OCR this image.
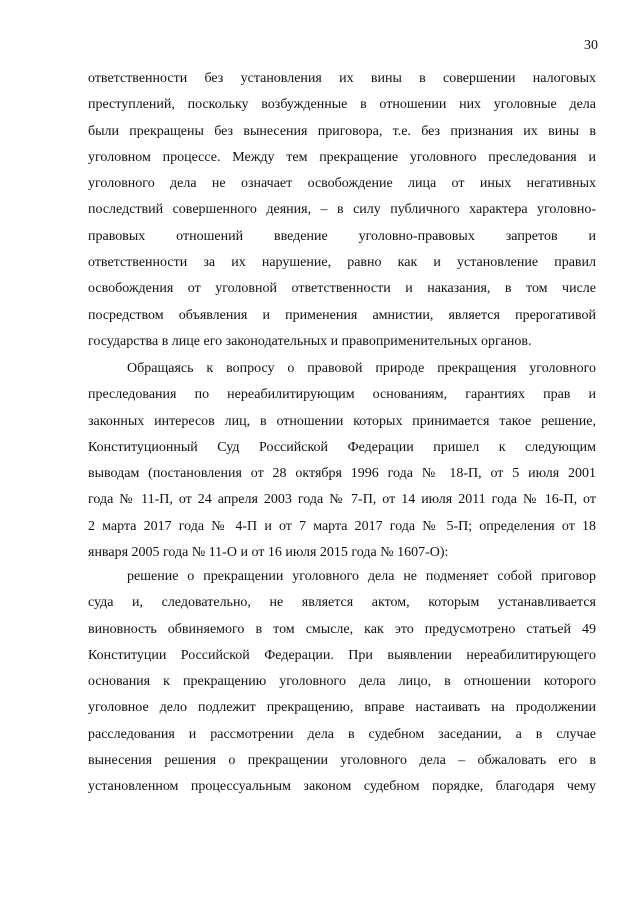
30
ответственности без установления их вины в совершении налоговых
преступлений, поскольку возбужденные в отношении них уголовные дела
были прекращены без вынесения приговора, т.е. без признания их вины в
уголовном процессе. Между тем прекращение уголовного преследования и
уголовного дела не означает освобождение лица от иных негативных
последствий совершенного деяния, – в силу публичного характера уголовно-
правовых отношений введение уголовно-правовых запретов и
ответственности за их нарушение, равно как и установление правил
освобождения от уголовной ответственности и наказания, в том числе
посредством объявления и применения амнистии, является прерогативой
государства в лице его законодательных и правоприменительных органов.
Обращаясь к вопросу о правовой природе прекращения уголовного
преследования по нереабилитирующим основаниям, гарантиях прав и
законных интересов лиц, в отношении которых принимается такое решение,
Конституционный Суд Российской Федерации пришел к следующим
выводам (постановления от 28 октября 1996 года № 18-П, от 5 июля 2001
года № 11-П, от 24 апреля 2003 года № 7-П, от 14 июля 2011 года № 16-П, от
2 марта 2017 года № 4-П и от 7 марта 2017 года № 5-П; определения от 18
января 2005 года № 11-О и от 16 июля 2015 года № 1607-О):
решение о прекращении уголовного дела не подменяет собой приговор
суда и, следовательно, не является актом, которым устанавливается
виновность обвиняемого в том смысле, как это предусмотрено статьей 49
Конституции Российской Федерации. При выявлении нереабилитирующего
основания к прекращению уголовного дела лицо, в отношении которого
уголовное дело подлежит прекращению, вправе настаивать на продолжении
расследования и рассмотрении дела в судебном заседании, а в случае
вынесения решения о прекращении уголовного дела – обжаловать его в
установленном процессуальным законом судебном порядке, благодаря чему
